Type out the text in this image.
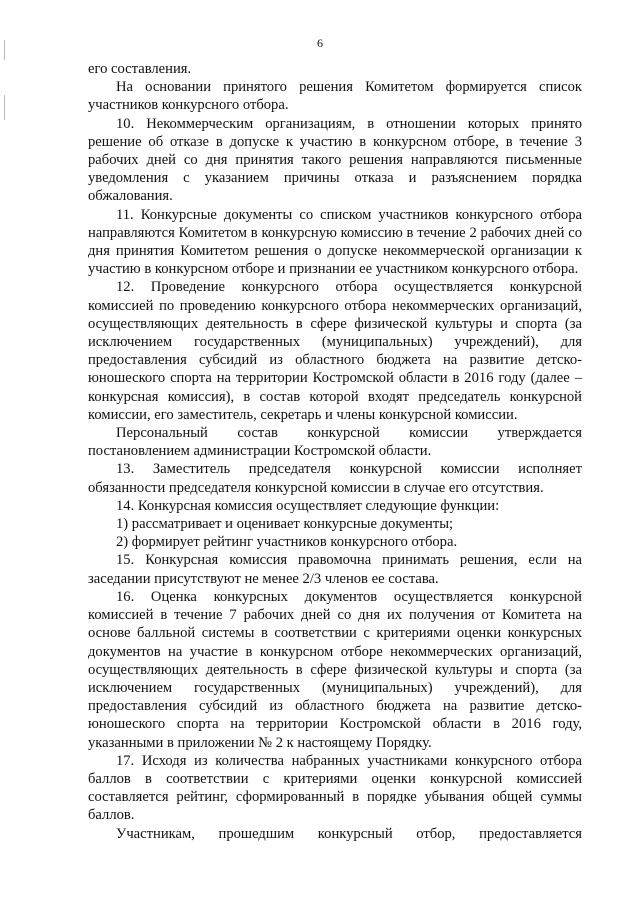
6

его составления.

На основании принятого решения Комитетом формируется список участников конкурсного отбора.

10. Некоммерческим организациям, в отношении которых принято решение об отказе в допуске к участию в конкурсном отборе, в течение 3 рабочих дней со дня принятия такого решения направляются письменные уведомления с указанием причины отказа и разъяснением порядка обжалования.

11. Конкурсные документы со списком участников конкурсного отбора направляются Комитетом в конкурсную комиссию в течение 2 рабочих дней со дня принятия Комитетом решения о допуске некоммерческой организации к участию в конкурсном отборе и признании ее участником конкурсного отбора.

12. Проведение конкурсного отбора осуществляется конкурсной комиссией по проведению конкурсного отбора некоммерческих организаций, осуществляющих деятельность в сфере физической культуры и спорта (за исключением государственных (муниципальных) учреждений), для предоставления субсидий из областного бюджета на развитие детско-юношеского спорта на территории Костромской области в 2016 году (далее – конкурсная комиссия), в состав которой входят председатель конкурсной комиссии, его заместитель, секретарь и члены конкурсной комиссии.

Персональный состав конкурсной комиссии утверждается постановлением администрации Костромской области.

13. Заместитель председателя конкурсной комиссии исполняет обязанности председателя конкурсной комиссии в случае его отсутствия.

14. Конкурсная комиссия осуществляет следующие функции:

1) рассматривает и оценивает конкурсные документы;

2) формирует рейтинг участников конкурсного отбора.

15. Конкурсная комиссия правомочна принимать решения, если на заседании присутствуют не менее 2/3 членов ее состава.

16. Оценка конкурсных документов осуществляется конкурсной комиссией в течение 7 рабочих дней со дня их получения от Комитета на основе балльной системы в соответствии с критериями оценки конкурсных документов на участие в конкурсном отборе некоммерческих организаций, осуществляющих деятельность в сфере физической культуры и спорта (за исключением государственных (муниципальных) учреждений), для предоставления субсидий из областного бюджета на развитие детско-юношеского спорта на территории Костромской области в 2016 году, указанными в приложении № 2 к настоящему Порядку.

17. Исходя из количества набранных участниками конкурсного отбора баллов в соответствии с критериями оценки конкурсной комиссией составляется рейтинг, сформированный в порядке убывания общей суммы баллов.

Участникам, прошедшим конкурсный отбор, предоставляется
